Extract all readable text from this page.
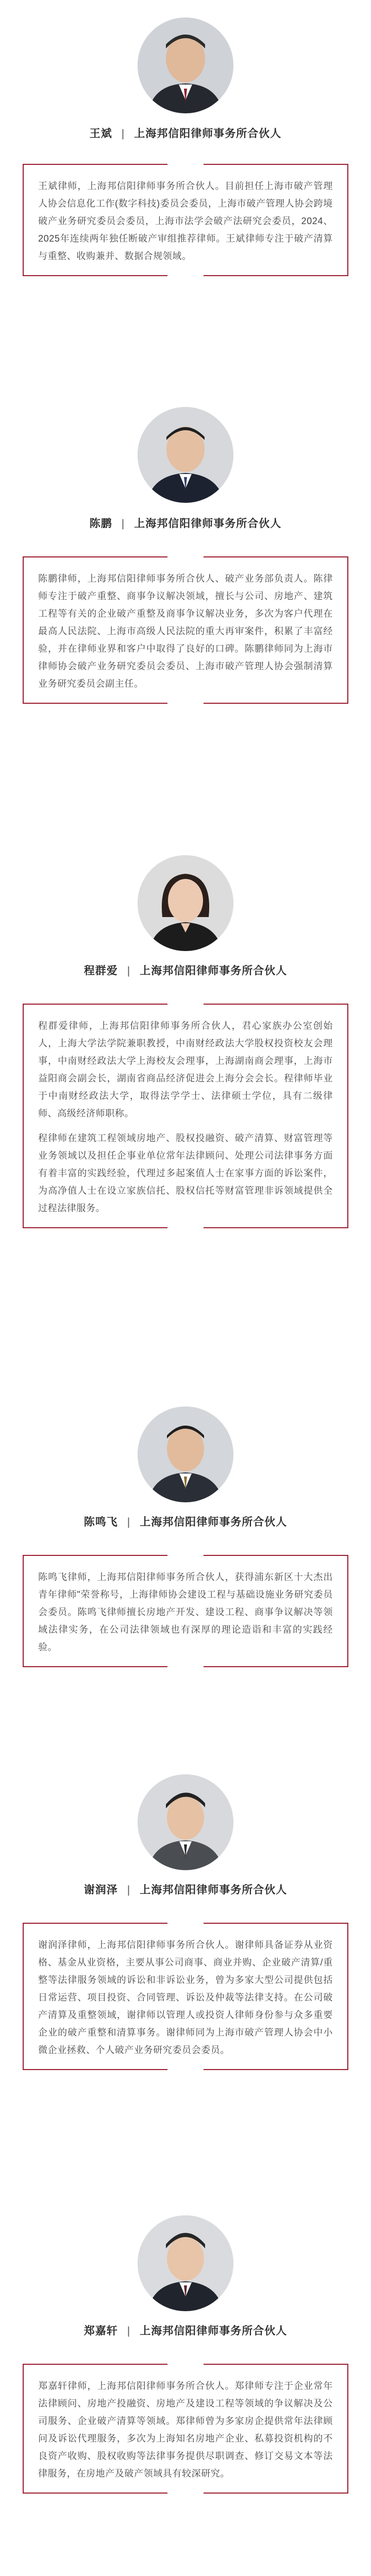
王斌 | 上海邦信阳律师事务所合伙人

王斌律师，上海邦信阳律师事务所合伙人。目前担任上海市破产管理人协会信息化工作(数字科技)委员会委员，上海市破产管理人协会跨境破产业务研究委员会委员，上海市法学会破产法研究会委员，2024、2025年连续两年独任断破产审组推荐律师。王斌律师专注于破产清算与重整、收购兼并、数据合规领域。

陈鹏 | 上海邦信阳律师事务所合伙人

陈鹏律师，上海邦信阳律师事务所合伙人、破产业务部负责人。陈律师专注于破产重整、商事争议解决领域，擅长与公司、房地产、建筑工程等有关的企业破产重整及商事争议解决业务，多次为客户代理在最高人民法院、上海市高级人民法院的重大再审案件，积累了丰富经验，并在律师业界和客户中取得了良好的口碑。陈鹏律师同为上海市律师协会破产业务研究委员会委员、上海市破产管理人协会强制清算业务研究委员会副主任。

程群爱 | 上海邦信阳律师事务所合伙人

程群爱律师，上海邦信阳律师事务所合伙人，君心家族办公室创始人，上海大学法学院兼职教授，中南财经政法大学股权投资校友会理事，中南财经政法大学上海校友会理事，上海湖南商会理事，上海市益阳商会副会长，湖南省商品经济促进会上海分会会长。程律师毕业于中南财经政法大学，取得法学学士、法律硕士学位，具有二级律师、高级经济师职称。

程律师在建筑工程领域房地产、股权投融资、破产清算、财富管理等业务领域以及担任企事业单位常年法律顾问、处理公司法律事务方面有着丰富的实践经验，代理过多起案值人士在家事方面的诉讼案件，为高净值人士在设立家族信托、股权信托等财富管理非诉领域提供全过程法律服务。

陈鸣飞 | 上海邦信阳律师事务所合伙人

陈鸣飞律师，上海邦信阳律师事务所合伙人，获得浦东新区十大杰出青年律师"荣誉称号，上海律师协会建设工程与基础设施业务研究委员会委员。陈鸣飞律师擅长房地产开发、建设工程、商事争议解决等领域法律实务，在公司法律领域也有深厚的理论造诣和丰富的实践经验。

谢润泽 | 上海邦信阳律师事务所合伙人

谢润泽律师，上海邦信阳律师事务所合伙人。谢律师具备证券从业资格、基金从业资格，主要从事公司商事、商业并购、企业破产清算/重整等法律服务领域的诉讼和非诉讼业务，曾为多家大型公司提供包括日常运营、项目投资、合同管理、诉讼及仲裁等法律支持。在公司破产清算及重整领域，谢律师以管理人或投资人律师身份参与众多重要企业的破产重整和清算事务。谢律师同为上海市破产管理人协会中小微企业拯救、个人破产业务研究委员会委员。

郑嘉轩 | 上海邦信阳律师事务所合伙人

郑嘉轩律师，上海邦信阳律师事务所合伙人。郑律师专注于企业常年法律顾问、房地产投融资、房地产及建设工程等领域的争议解决及公司服务、企业破产清算等领域。郑律师曾为多家房企提供常年法律顾问及诉讼代理服务，多次为上海知名房地产企业、私募投资机构的不良资产收购、股权收购等法律事务提供尽职调查、修订交易文本等法律服务，在房地产及破产领域具有较深研究。
